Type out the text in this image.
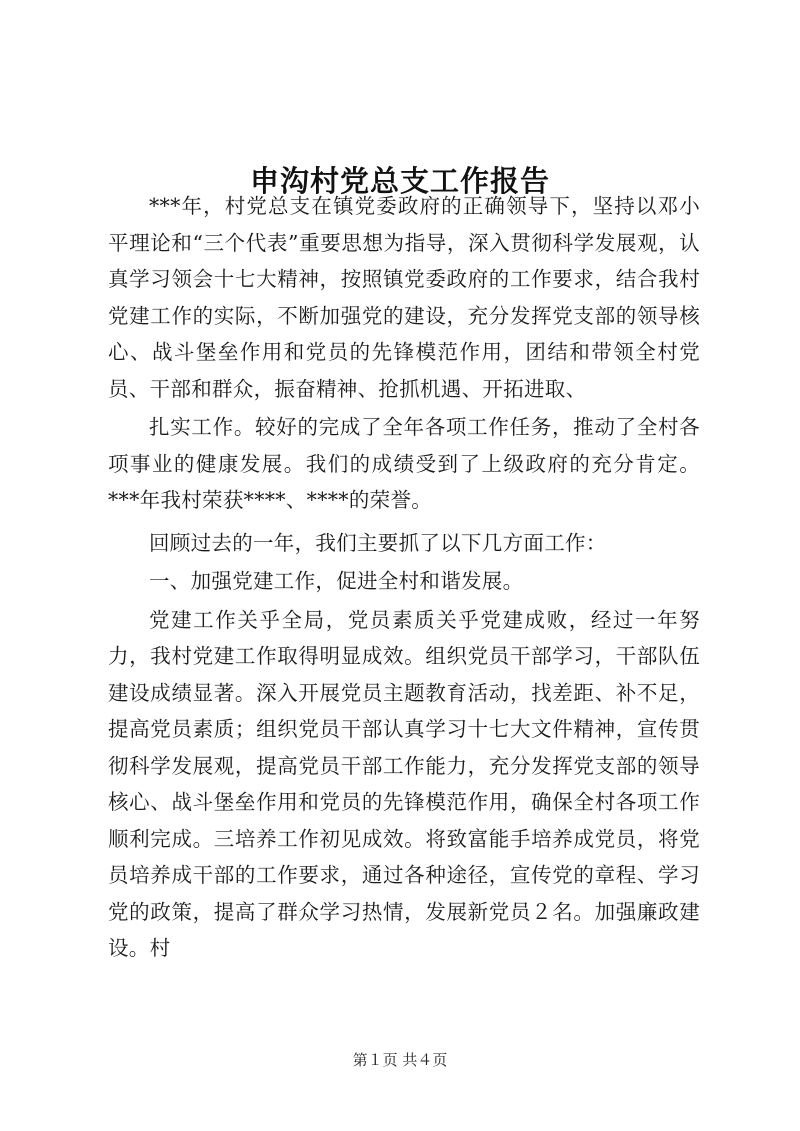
申沟村党总支工作报告

***年，村党总支在镇党委政府的正确领导下，坚持以邓小平理论和“三个代表”重要思想为指导，深入贯彻科学发展观，认真学习领会十七大精神，按照镇党委政府的工作要求，结合我村党建工作的实际，不断加强党的建设，充分发挥党支部的领导核心、战斗堡垒作用和党员的先锋模范作用，团结和带领全村党员、干部和群众，振奋精神、抢抓机遇、开拓进取、

扎实工作。较好的完成了全年各项工作任务，推动了全村各项事业的健康发展。我们的成绩受到了上级政府的充分肯定。***年我村荣获****、****的荣誉。

回顾过去的一年，我们主要抓了以下几方面工作：

一、加强党建工作，促进全村和谐发展。

党建工作关乎全局，党员素质关乎党建成败，经过一年努力，我村党建工作取得明显成效。组织党员干部学习，干部队伍建设成绩显著。深入开展党员主题教育活动，找差距、补不足，提高党员素质；组织党员干部认真学习十七大文件精神，宣传贯彻科学发展观，提高党员干部工作能力，充分发挥党支部的领导核心、战斗堡垒作用和党员的先锋模范作用，确保全村各项工作顺利完成。三培养工作初见成效。将致富能手培养成党员，将党员培养成干部的工作要求，通过各种途径，宣传党的章程、学习党的政策，提高了群众学习热情，发展新党员２名。加强廉政建设。村

第１页 共４页
